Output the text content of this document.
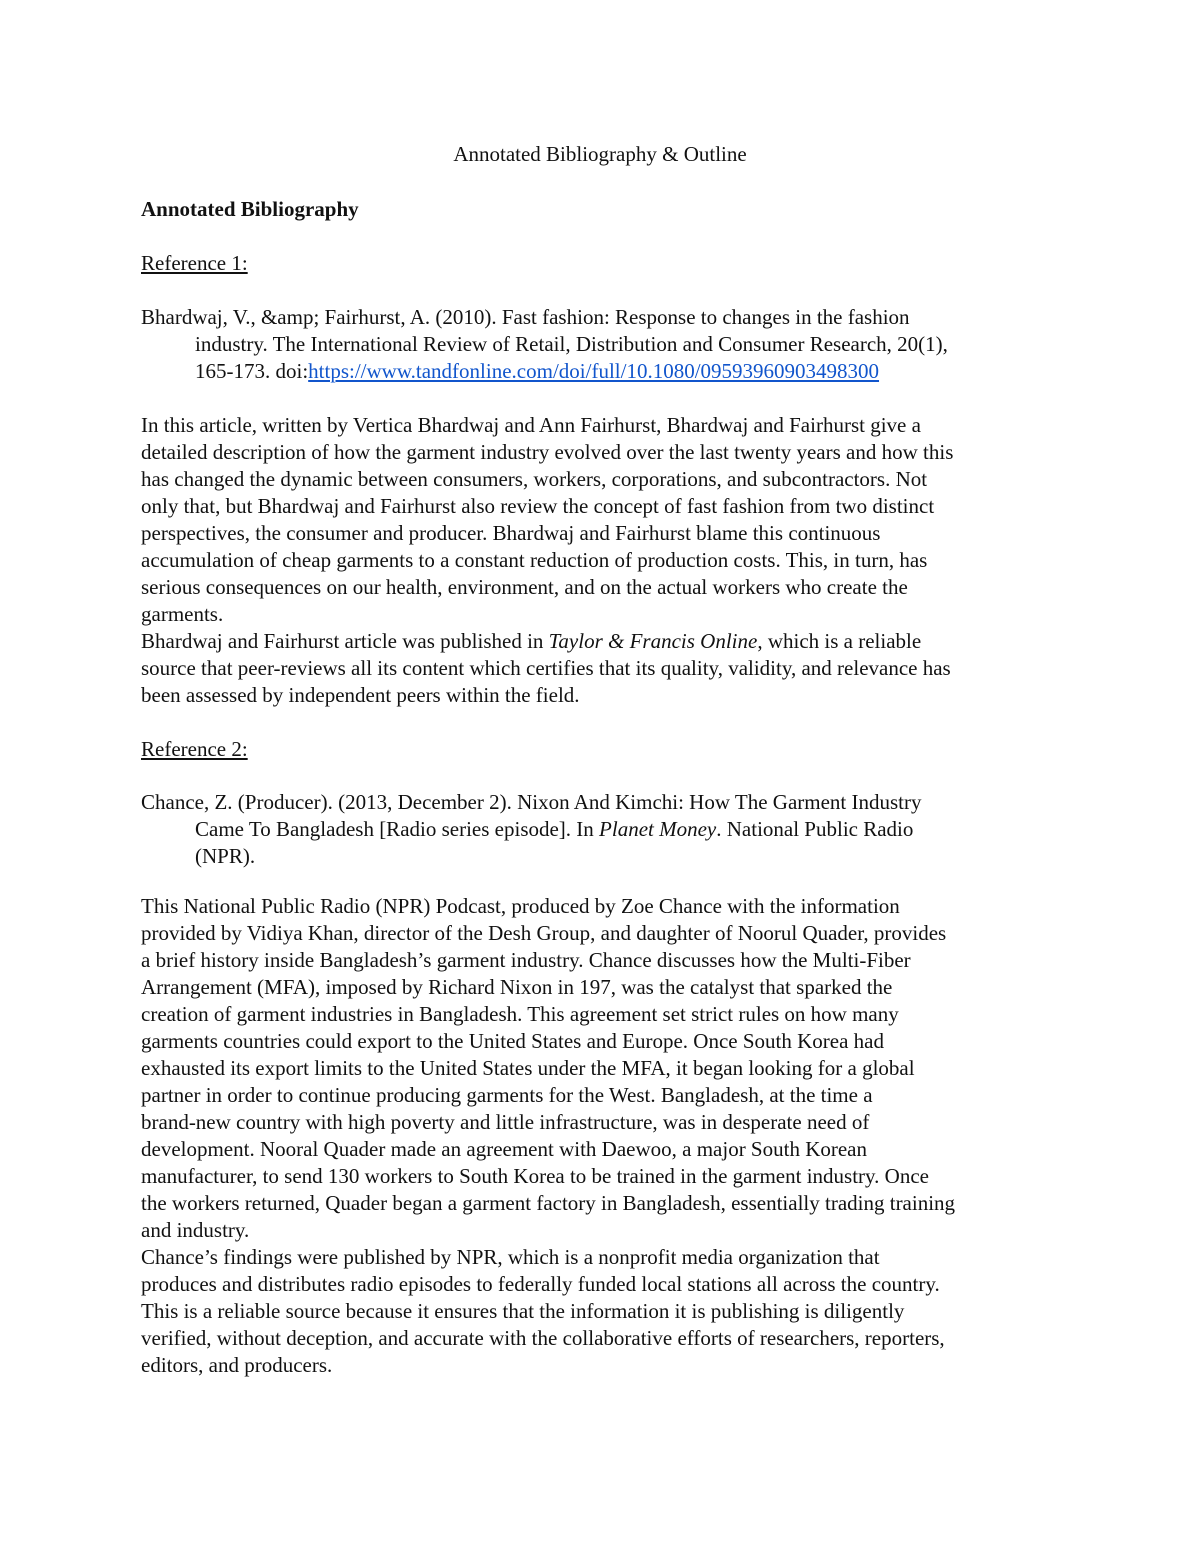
Annotated Bibliography & Outline
Annotated Bibliography
Reference 1:
Bhardwaj, V., &amp; Fairhurst, A. (2010). Fast fashion: Response to changes in the fashion
industry. The International Review of Retail, Distribution and Consumer Research, 20(1),
165-173. doi:https://www.tandfonline.com/doi/full/10.1080/09593960903498300
In this article, written by Vertica Bhardwaj and Ann Fairhurst, Bhardwaj and Fairhurst give a
detailed description of how the garment industry evolved over the last twenty years and how this
has changed the dynamic between consumers, workers, corporations, and subcontractors. Not
only that, but Bhardwaj and Fairhurst also review the concept of fast fashion from two distinct
perspectives, the consumer and producer. Bhardwaj and Fairhurst blame this continuous
accumulation of cheap garments to a constant reduction of production costs. This, in turn, has
serious consequences on our health, environment, and on the actual workers who create the
garments.
Bhardwaj and Fairhurst article was published in Taylor & Francis Online, which is a reliable
source that peer-reviews all its content which certifies that its quality, validity, and relevance has
been assessed by independent peers within the field.
Reference 2:
Chance, Z. (Producer). (2013, December 2). Nixon And Kimchi: How The Garment Industry
Came To Bangladesh [Radio series episode]. In Planet Money. National Public Radio
(NPR).
This National Public Radio (NPR) Podcast, produced by Zoe Chance with the information
provided by Vidiya Khan, director of the Desh Group, and daughter of Noorul Quader, provides
a brief history inside Bangladesh’s garment industry. Chance discusses how the Multi-Fiber
Arrangement (MFA), imposed by Richard Nixon in 197, was the catalyst that sparked the
creation of garment industries in Bangladesh. This agreement set strict rules on how many
garments countries could export to the United States and Europe. Once South Korea had
exhausted its export limits to the United States under the MFA, it began looking for a global
partner in order to continue producing garments for the West. Bangladesh, at the time a
brand-new country with high poverty and little infrastructure, was in desperate need of
development. Nooral Quader made an agreement with Daewoo, a major South Korean
manufacturer, to send 130 workers to South Korea to be trained in the garment industry. Once
the workers returned, Quader began a garment factory in Bangladesh, essentially trading training
and industry.
Chance’s findings were published by NPR, which is a nonprofit media organization that
produces and distributes radio episodes to federally funded local stations all across the country.
This is a reliable source because it ensures that the information it is publishing is diligently
verified, without deception, and accurate with the collaborative efforts of researchers, reporters,
editors, and producers.
